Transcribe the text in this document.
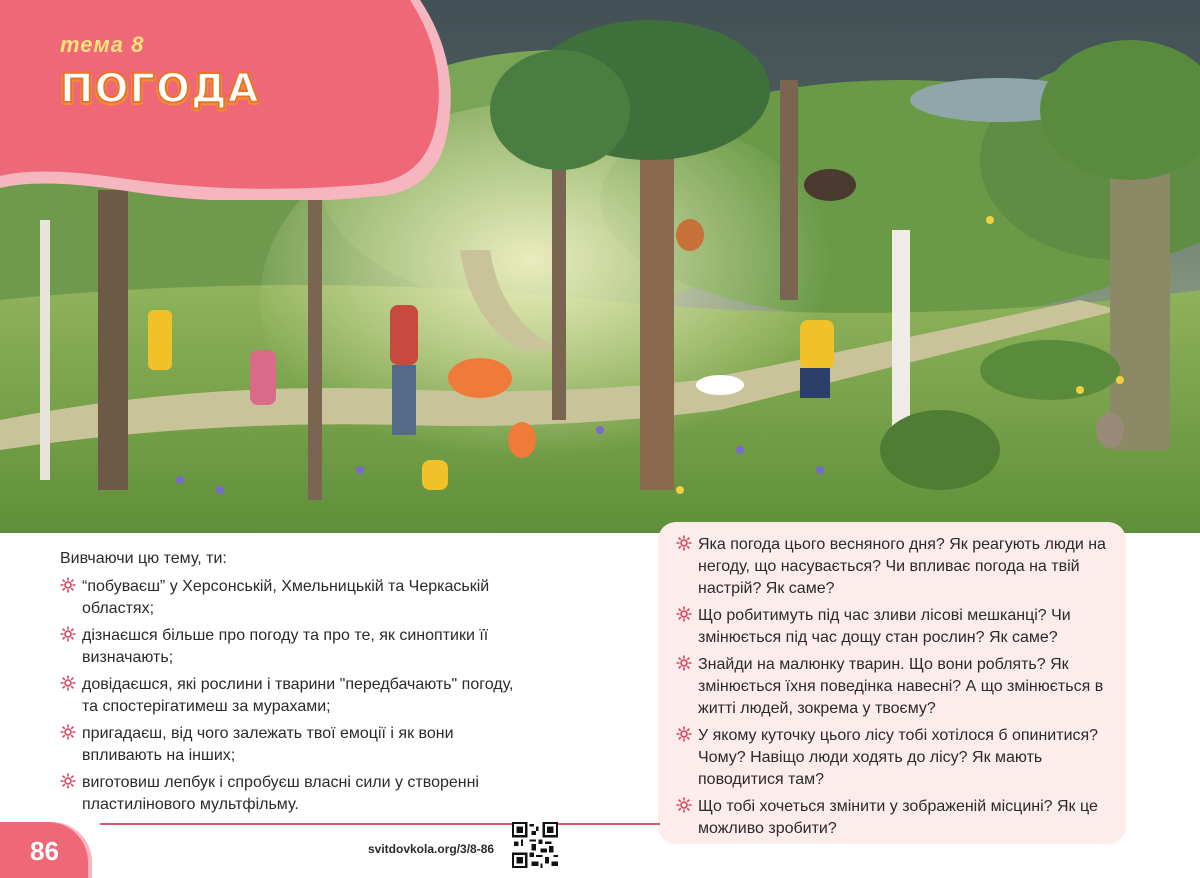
тема 8
ПОГОДА

Вивчаючи цю тему, ти:

“побуваєш” у Херсонській, Хмельницькій та Черкаській областях;
дізнаєшся більше про погоду та про те, як синоптики її визначають;
довідаєшся, які рослини і тварини "передбачають" погоду, та спостерігатимеш за мурахами;
пригадаєш, від чого залежать твої емоції і як вони впливають на інших;
виготовиш лепбук і спробуєш власні сили у створенні пластилінового мультфільму.
Яка погода цього весняного дня? Як реагують люди на негоду, що насувається? Чи впливає погода на твій настрій? Як саме?
Що робитимуть під час зливи лісові мешканці? Чи змінюється під час дощу стан рослин? Як саме?
Знайди на малюнку тварин. Що вони роблять? Як змінюється їхня поведінка навесні? А що змінюється в житті людей, зокрема у твоєму?
У якому куточку цього лісу тобі хотілося б опинитися? Чому? Навіщо люди ходять до лісу? Як мають поводитися там?
Що тобі хочеться змінити у зображеній місцині? Як це можливо зробити?
86	svitdovkola.org/3/8-86
